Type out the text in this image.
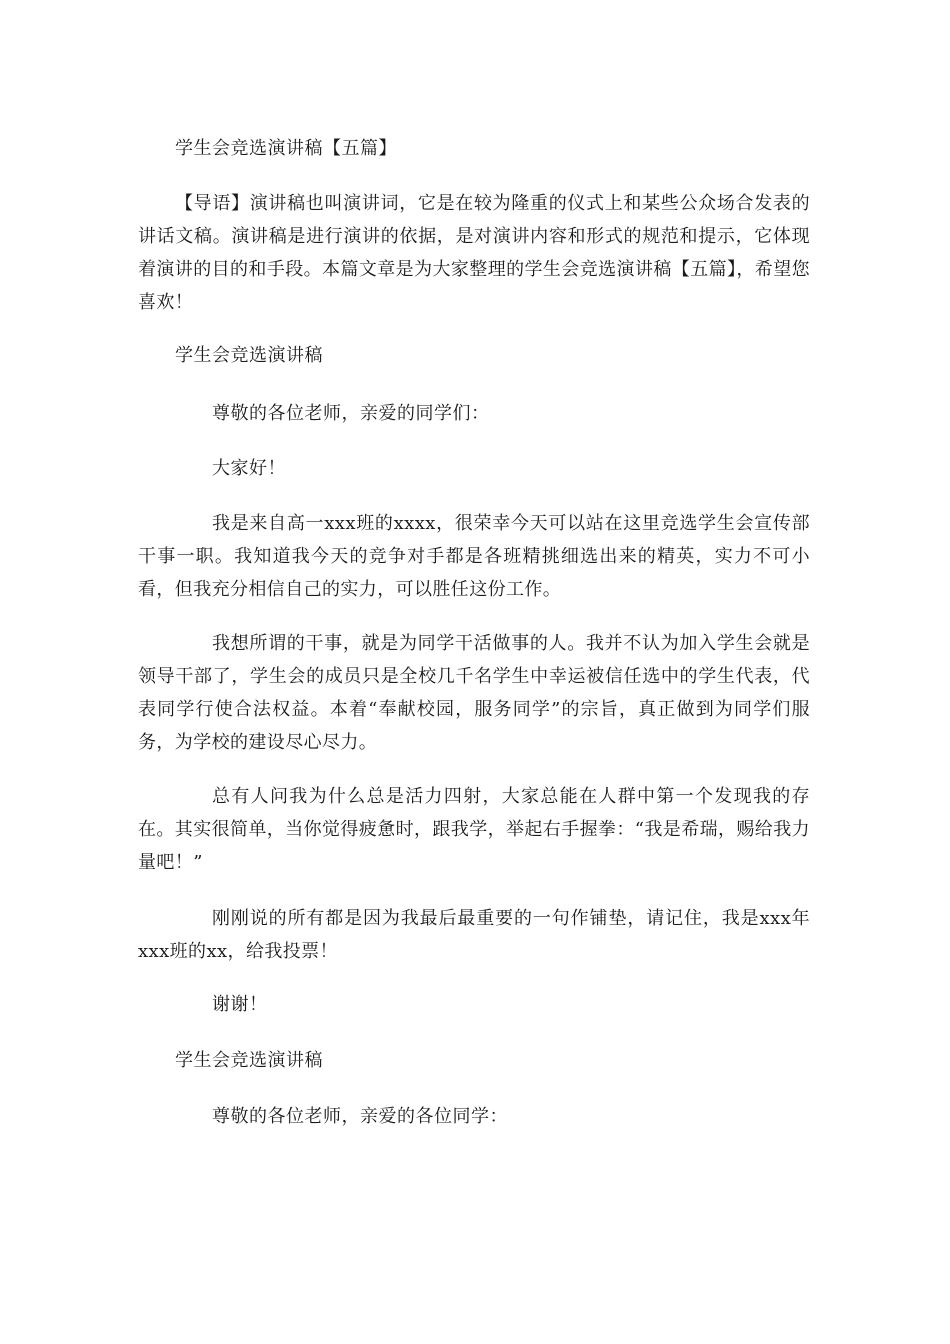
学生会竞选演讲稿【五篇】
【导语】演讲稿也叫演讲词，它是在较为隆重的仪式上和某些公众场合发表的讲话文稿。演讲稿是进行演讲的依据，是对演讲内容和形式的规范和提示，它体现着演讲的目的和手段。本篇文章是为大家整理的学生会竞选演讲稿【五篇】，希望您喜欢！
学生会竞选演讲稿
尊敬的各位老师，亲爱的同学们：
大家好！
我是来自高一xxx班的xxxx，很荣幸今天可以站在这里竞选学生会宣传部干事一职。我知道我今天的竞争对手都是各班精挑细选出来的精英，实力不可小看，但我充分相信自己的实力，可以胜任这份工作。
我想所谓的干事，就是为同学干活做事的人。我并不认为加入学生会就是领导干部了，学生会的成员只是全校几千名学生中幸运被信任选中的学生代表，代表同学行使合法权益。本着“奉献校园，服务同学”的宗旨，真正做到为同学们服务，为学校的建设尽心尽力。
总有人问我为什么总是活力四射，大家总能在人群中第一个发现我的存在。其实很简单，当你觉得疲惫时，跟我学，举起右手握拳：“我是希瑞，赐给我力量吧！”
刚刚说的所有都是因为我最后最重要的一句作铺垫，请记住，我是xxx年xxx班的xx，给我投票！
谢谢！
学生会竞选演讲稿
尊敬的各位老师，亲爱的各位同学：
